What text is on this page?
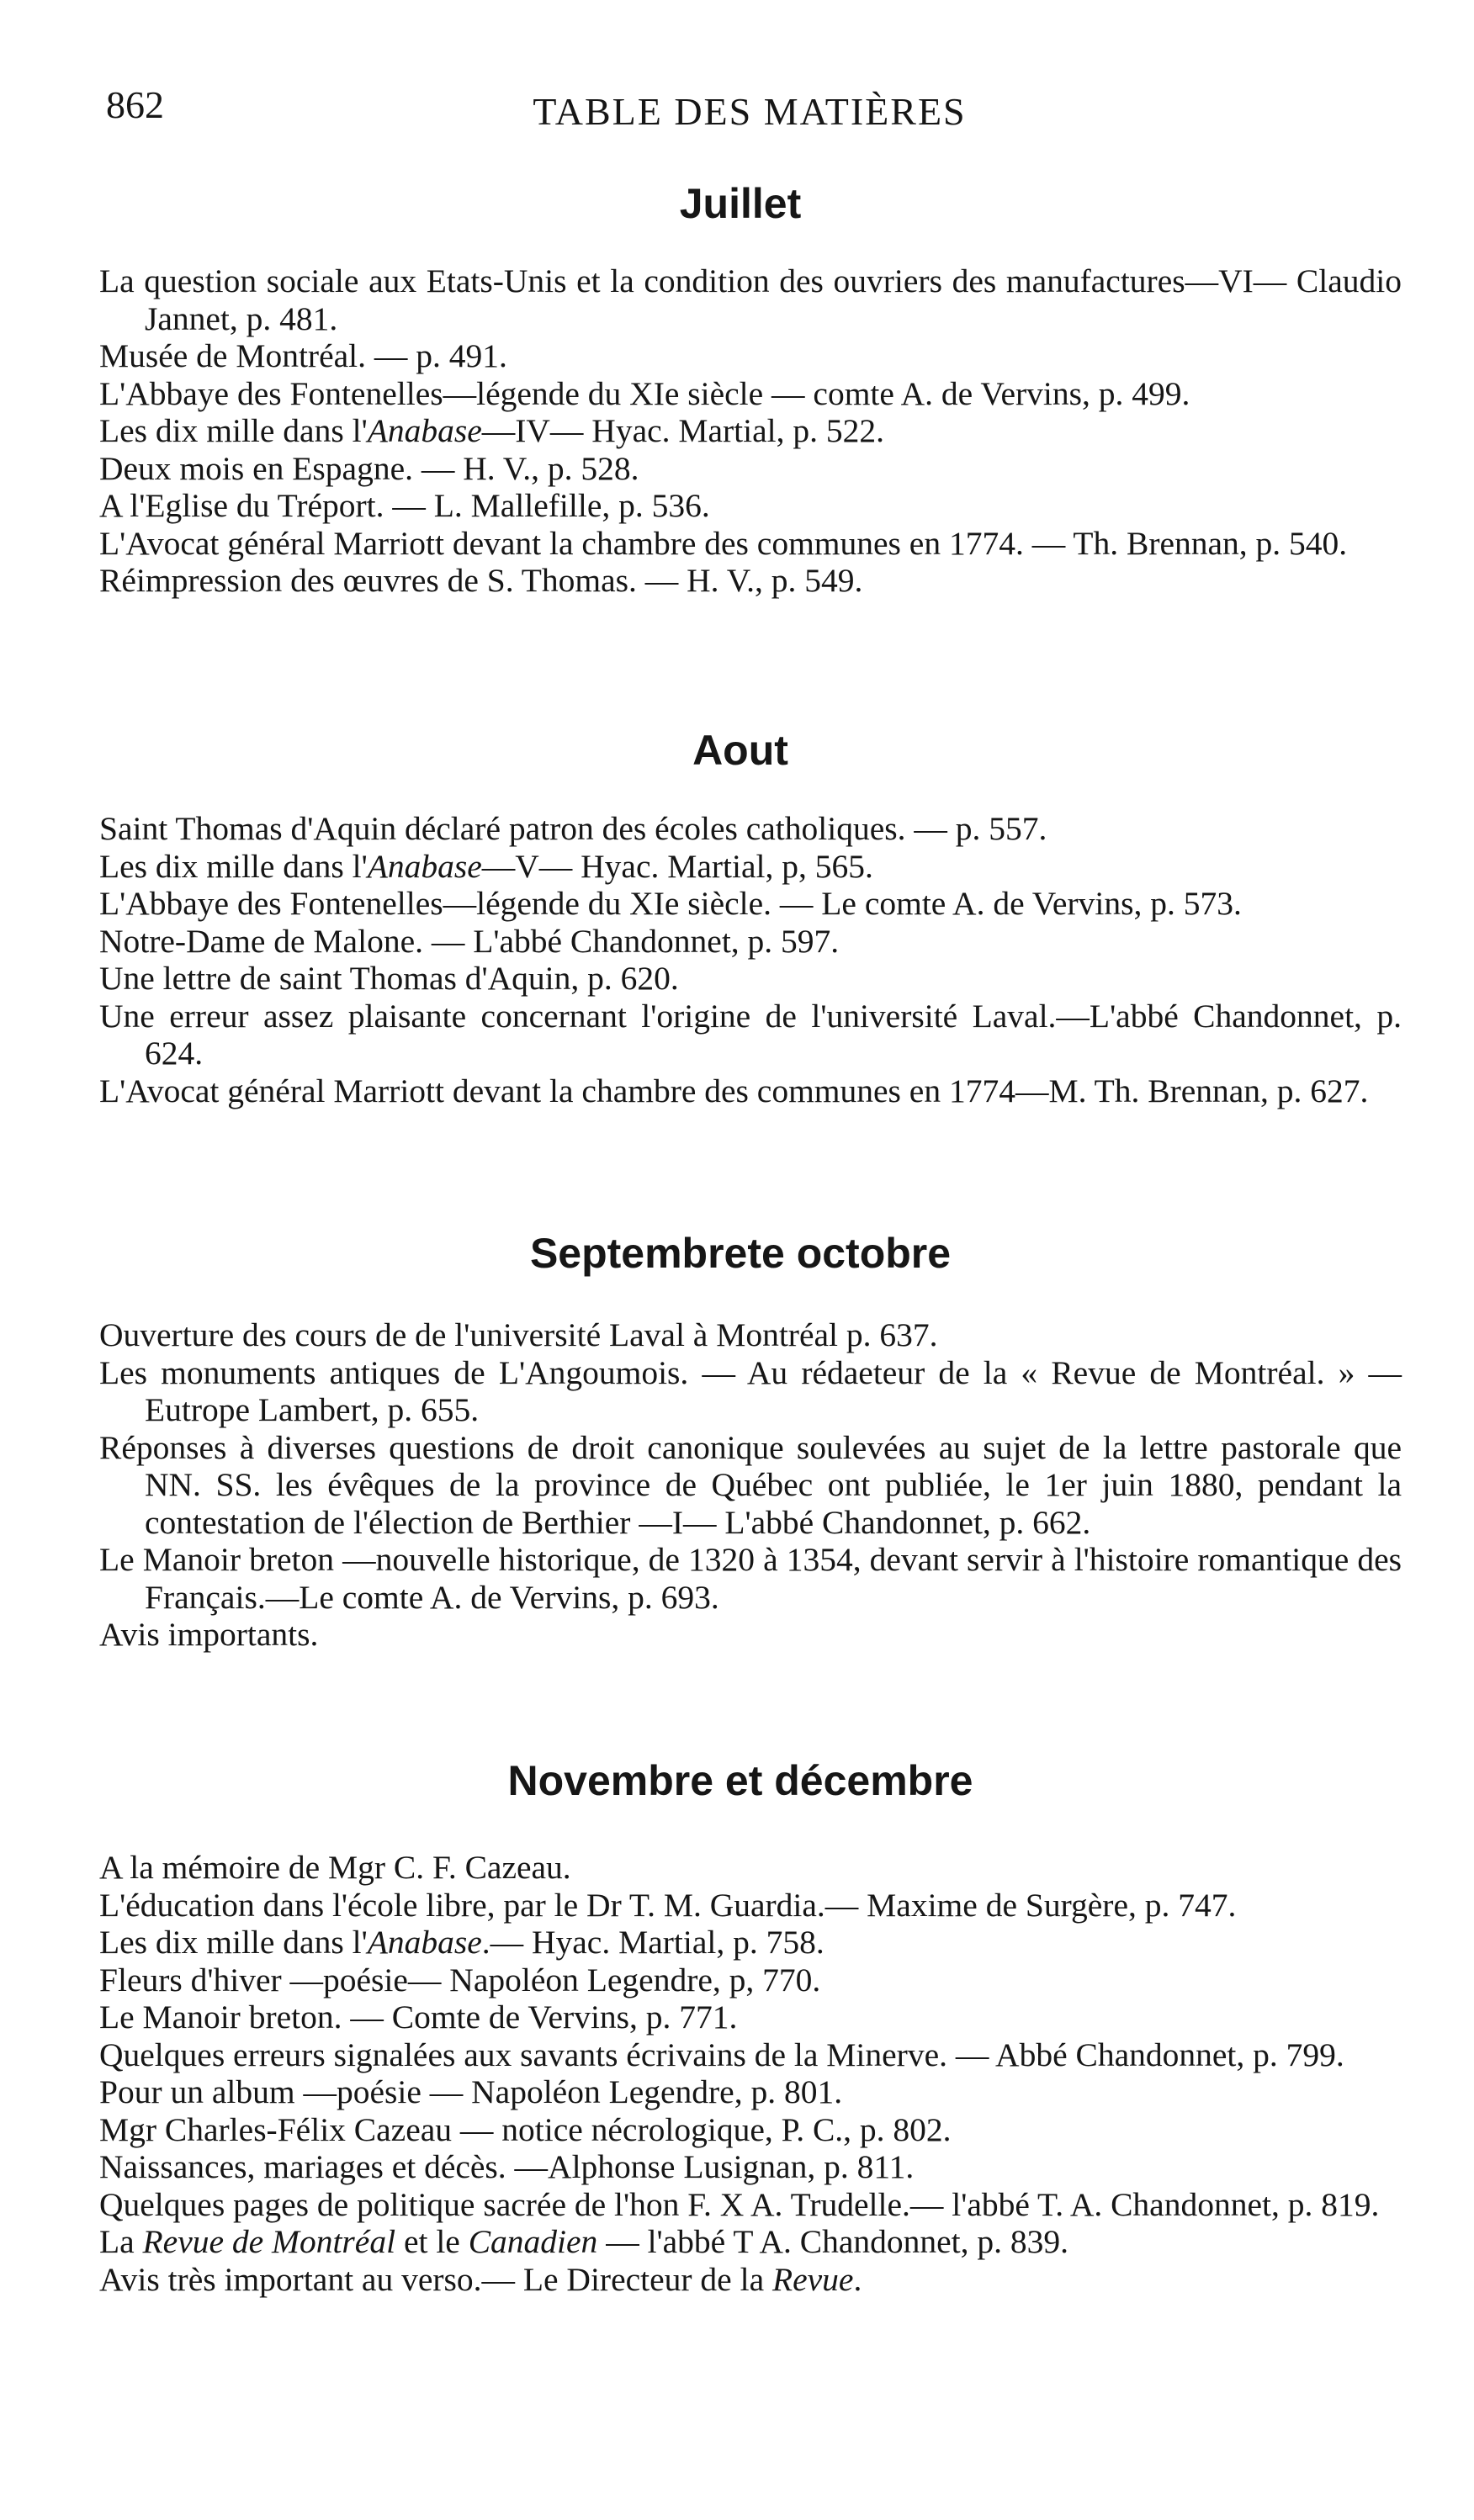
862	TABLE DES MATIÈRES
Juillet
La question sociale aux Etats-Unis et la condition des ouvriers des manufactures—VI— Claudio Jannet, p. 481.
Musée de Montréal. — p. 491.
L'Abbaye des Fontenelles—légende du XIe siècle — comte A. de Vervins, p. 499.
Les dix mille dans l'Anabase—IV— Hyac. Martial, p. 522.
Deux mois en Espagne. — H. V., p. 528.
A l'Eglise du Tréport. — L. Mallefille, p. 536.
L'Avocat général Marriott devant la chambre des communes en 1774. — Th. Brennan, p. 540.
Réimpression des œuvres de S. Thomas. — H. V., p. 549.
Aout
Saint Thomas d'Aquin déclaré patron des écoles catholiques. — p. 557.
Les dix mille dans l'Anabase—V— Hyac. Martial, p, 565.
L'Abbaye des Fontenelles—légende du XIe siècle. — Le comte A. de Vervins, p. 573.
Notre-Dame de Malone. — L'abbé Chandonnet, p. 597.
Une lettre de saint Thomas d'Aquin, p. 620.
Une erreur assez plaisante concernant l'origine de l'université Laval.—L'abbé Chandonnet, p. 624.
L'Avocat général Marriott devant la chambre des communes en 1774—M. Th. Brennan, p. 627.
Septembrete octobre
Ouverture des cours de de l'université Laval à Montréal p. 637.
Les monuments antiques de L'Angoumois. — Au rédaeteur de la « Revue de Montréal. » — Eutrope Lambert, p. 655.
Réponses à diverses questions de droit canonique soulevées au sujet de la lettre pastorale que NN. SS. les évêques de la province de Québec ont publiée, le 1er juin 1880, pendant la contestation de l'élection de Berthier —I— L'abbé Chandonnet, p. 662.
Le Manoir breton —nouvelle historique, de 1320 à 1354, devant servir à l'histoire romantique des Français.—Le comte A. de Vervins, p. 693.
Avis importants.
Novembre et décembre
A la mémoire de Mgr C. F. Cazeau.
L'éducation dans l'école libre, par le Dr T. M. Guardia.— Maxime de Surgère, p. 747.
Les dix mille dans l'Anabase.— Hyac. Martial, p. 758.
Fleurs d'hiver —poésie— Napoléon Legendre, p, 770.
Le Manoir breton. — Comte de Vervins, p. 771.
Quelques erreurs signalées aux savants écrivains de la Minerve. — Abbé Chandonnet, p. 799.
Pour un album —poésie — Napoléon Legendre, p. 801.
Mgr Charles-Félix Cazeau — notice nécrologique, P. C., p. 802.
Naissances, mariages et décès. —Alphonse Lusignan, p. 811.
Quelques pages de politique sacrée de l'hon F. X A. Trudelle.— l'abbé T. A. Chandonnet, p. 819.
La Revue de Montréal et le Canadien — l'abbé T A. Chandonnet, p. 839.
Avis très important au verso.— Le Directeur de la Revue.
